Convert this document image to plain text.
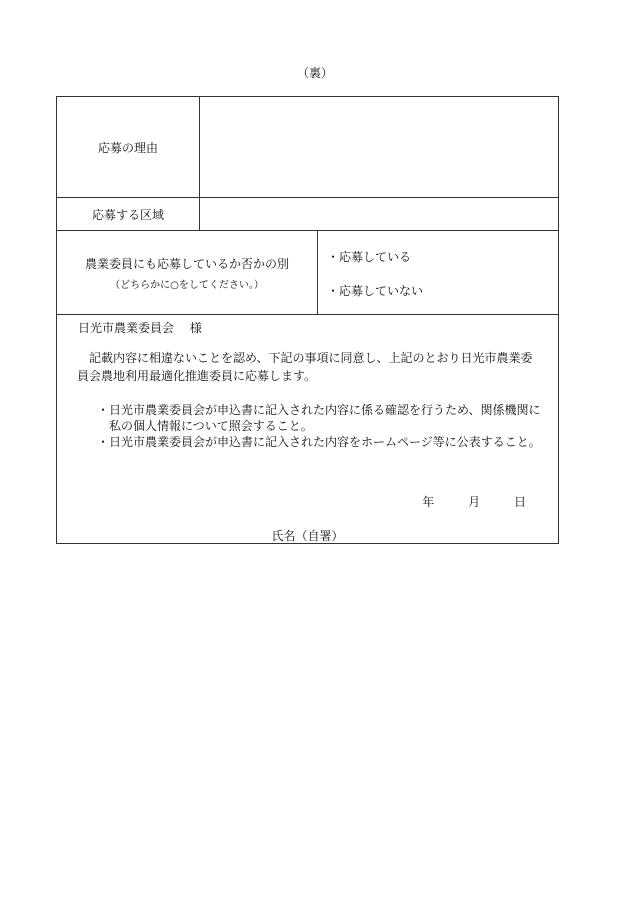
（裏）
応募の理由
応募する区域
農業委員にも応募しているか否かの別
（どちらかに○をしてください。）
・応募している
・応募していない
日光市農業委員会　 様

記載内容に相違ないことを認め、下記の事項に同意し、上記のとおり日光市農業委員会農地利用最適化推進委員に応募します。

・日光市農業委員会が申込書に記入された内容に係る確認を行うため、関係機関に私の個人情報について照会すること。

・日光市農業委員会が申込書に記入された内容をホームページ等に公表すること。

年	月	日
氏名（自署）
